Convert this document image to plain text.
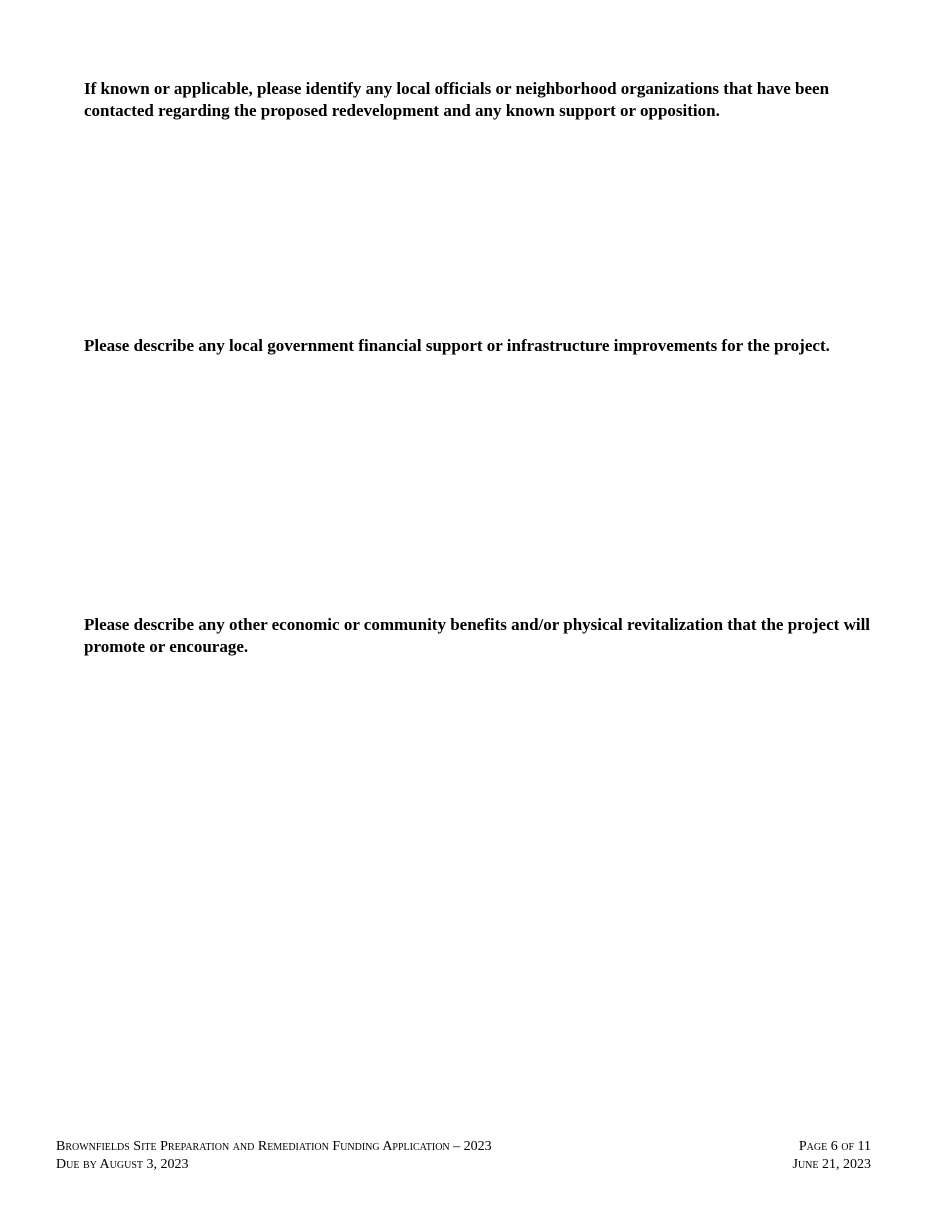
If known or applicable, please identify any local officials or neighborhood organizations that have been contacted regarding the proposed redevelopment and any known support or opposition.

Please describe any local government financial support or infrastructure improvements for the project.

Please describe any other economic or community benefits and/or physical revitalization that the project will promote or encourage.

Brownfields Site Preparation and Remediation Funding Application – 2023	Page 6 of 11
Due by August 3, 2023	June 21, 2023
